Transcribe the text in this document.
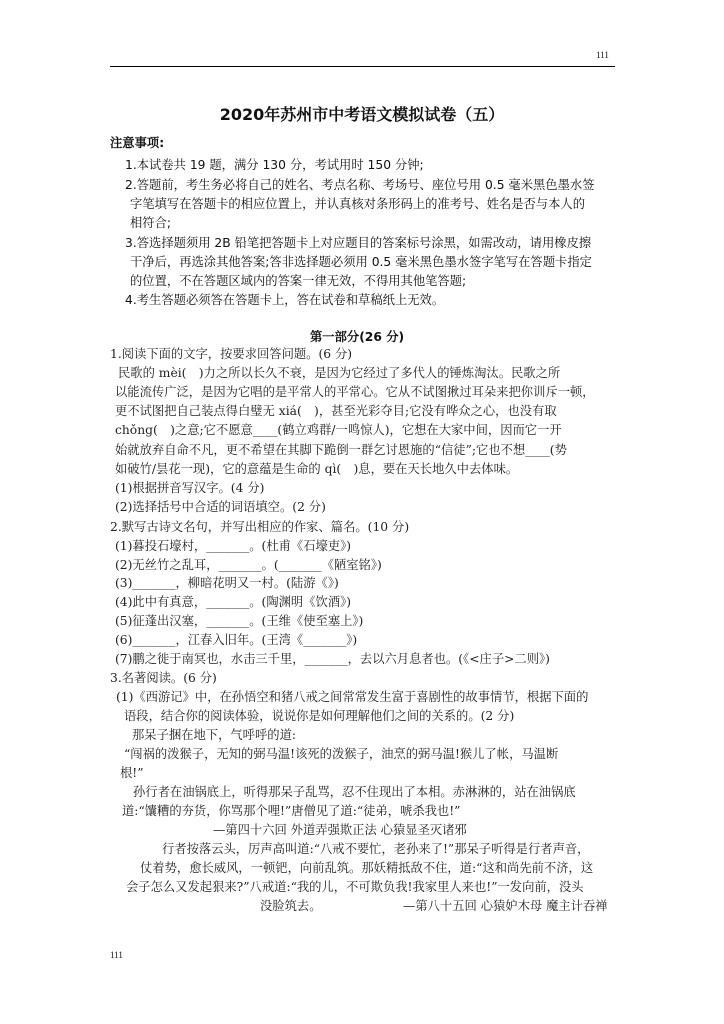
111
2020年苏州市中考语文模拟试卷（五）
注意事项:
1.本试卷共 19 题，满分 130 分，考试用时 150 分钟;
2.答题前，考生务必将自己的姓名、考点名称、考场号、座位号用 0.5 毫米黑色墨水签
字笔填写在答题卡的相应位置上，并认真核对条形码上的准考号、姓名是否与本人的
相符合;
3.答选择题须用 2B 铅笔把答题卡上对应题目的答案标号涂黑，如需改动，请用橡皮擦
干净后，再选涂其他答案;答非选择题必须用 0.5 毫米黑色墨水签字笔写在答题卡指定
的位置，不在答题区域内的答案一律无效，不得用其他笔答题;
4.考生答题必须答在答题卡上，答在试卷和草稿纸上无效。
第一部分(26 分)
1.阅读下面的文字，按要求回答问题。(6 分)
民歌的 mèi(　)力之所以长久不衰，是因为它经过了多代人的锤炼淘汰。民歌之所
以能流传广泛，是因为它唱的是平常人的平常心。它从不试图揪过耳朵来把你训斥一顿，
更不试图把自己装点得白璧无 xiá(　)，甚至光彩夺目;它没有哗众之心，也没有取
chǒng(　)之意;它不愿意____(鹤立鸡群/一鸣惊人)，它想在大家中间，因而它一开
始就放弃自命不凡，更不希望在其脚下跪倒一群乞讨恩施的“信徒”;它也不想____(势
如破竹/昙花一现)，它的意蕴是生命的 qì(　)息，要在天长地久中去体味。
(1)根据拼音写汉字。(4 分)
(2)选择括号中合适的词语填空。(2 分)
2.默写古诗文名句，并写出相应的作家、篇名。(10 分)
(1)暮投石壕村，_______。(杜甫《石壕吏》)
(2)无丝竹之乱耳，_______。(_______《陋室铭》)
(3)_______，柳暗花明又一村。(陆游《》)
(4)此中有真意，_______。(陶渊明《饮酒》)
(5)征蓬出汉塞，_______。(王维《使至塞上》)
(6)_______，江春入旧年。(王湾《_______》)
(7)鹏之徙于南冥也，水击三千里，_______，去以六月息者也。(《<庄子>二则》)
3.名著阅读。(6 分)
(1)《西游记》中，在孙悟空和猪八戒之间常常发生富于喜剧性的故事情节，根据下面的
语段，结合你的阅读体验，说说你是如何理解他们之间的关系的。(2 分)
那呆子捆在地下，气呼呼的道:
“闯祸的泼猴子，无知的弼马温!该死的泼猴子，油烹的弼马温!猴儿了帐，马温断
根!”
孙行者在油锅底上，听得那呆子乱骂，忍不住现出了本相。赤淋淋的，站在油锅底
道:“馕糟的夯货，你骂那个哩!”唐僧见了道:“徒弟，唬杀我也!”
—第四十六回 外道弄强欺正法 心猿显圣灭诸邪
行者按落云头，厉声高叫道:“八戒不要忙，老孙来了!”那呆子听得是行者声音，
仗着势，愈长威风，一顿钯，向前乱筑。那妖精抵敌不住，道:“这和尚先前不济，这
会子怎么又发起狠来?”八戒道:“我的儿，不可欺负我!我家里人来也!”一发向前，没头
没脸筑去。	—第八十五回 心猿妒木母 魔主计吞禅
111
